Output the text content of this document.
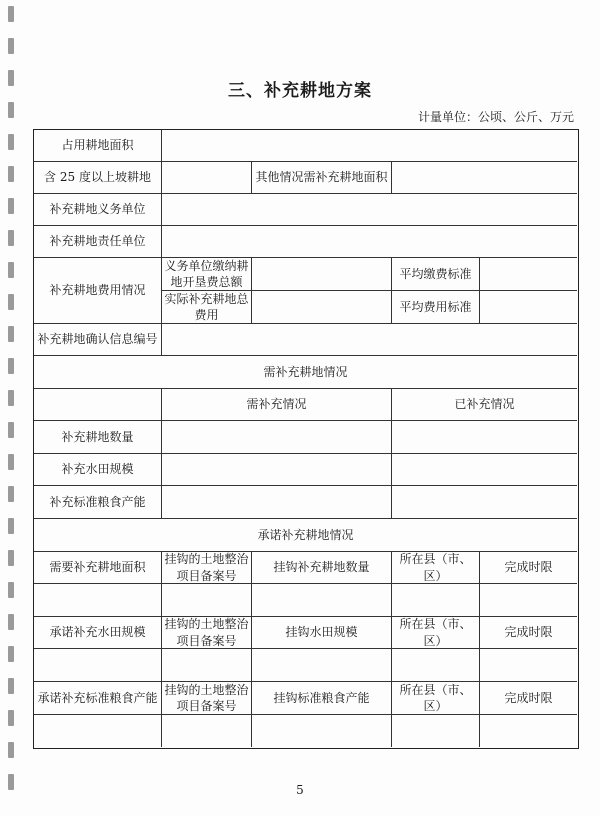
三、补充耕地方案
计量单位：公顷、公斤、万元
占用耕地面积
含 25 度以上坡耕地	其他情况需补充耕地面积
补充耕地义务单位
补充耕地责任单位
补充耕地费用情况
义务单位缴纳耕地开垦费总额
平均缴费标准
实际补充耕地总费用
平均费用标准
补充耕地确认信息编号
需补充耕地情况
需补充情况	已补充情况
补充耕地数量
补充水田规模
补充标准粮食产能
承诺补充耕地情况
需要补充耕地面积
挂钩的土地整治项目备案号
挂钩补充耕地数量
所在县（市、区）
完成时限
承诺补充水田规模
挂钩的土地整治项目备案号
挂钩水田规模
所在县（市、区）
完成时限
承诺补充标准粮食产能
挂钩的土地整治项目备案号
挂钩标准粮食产能
所在县（市、区）
完成时限
5
